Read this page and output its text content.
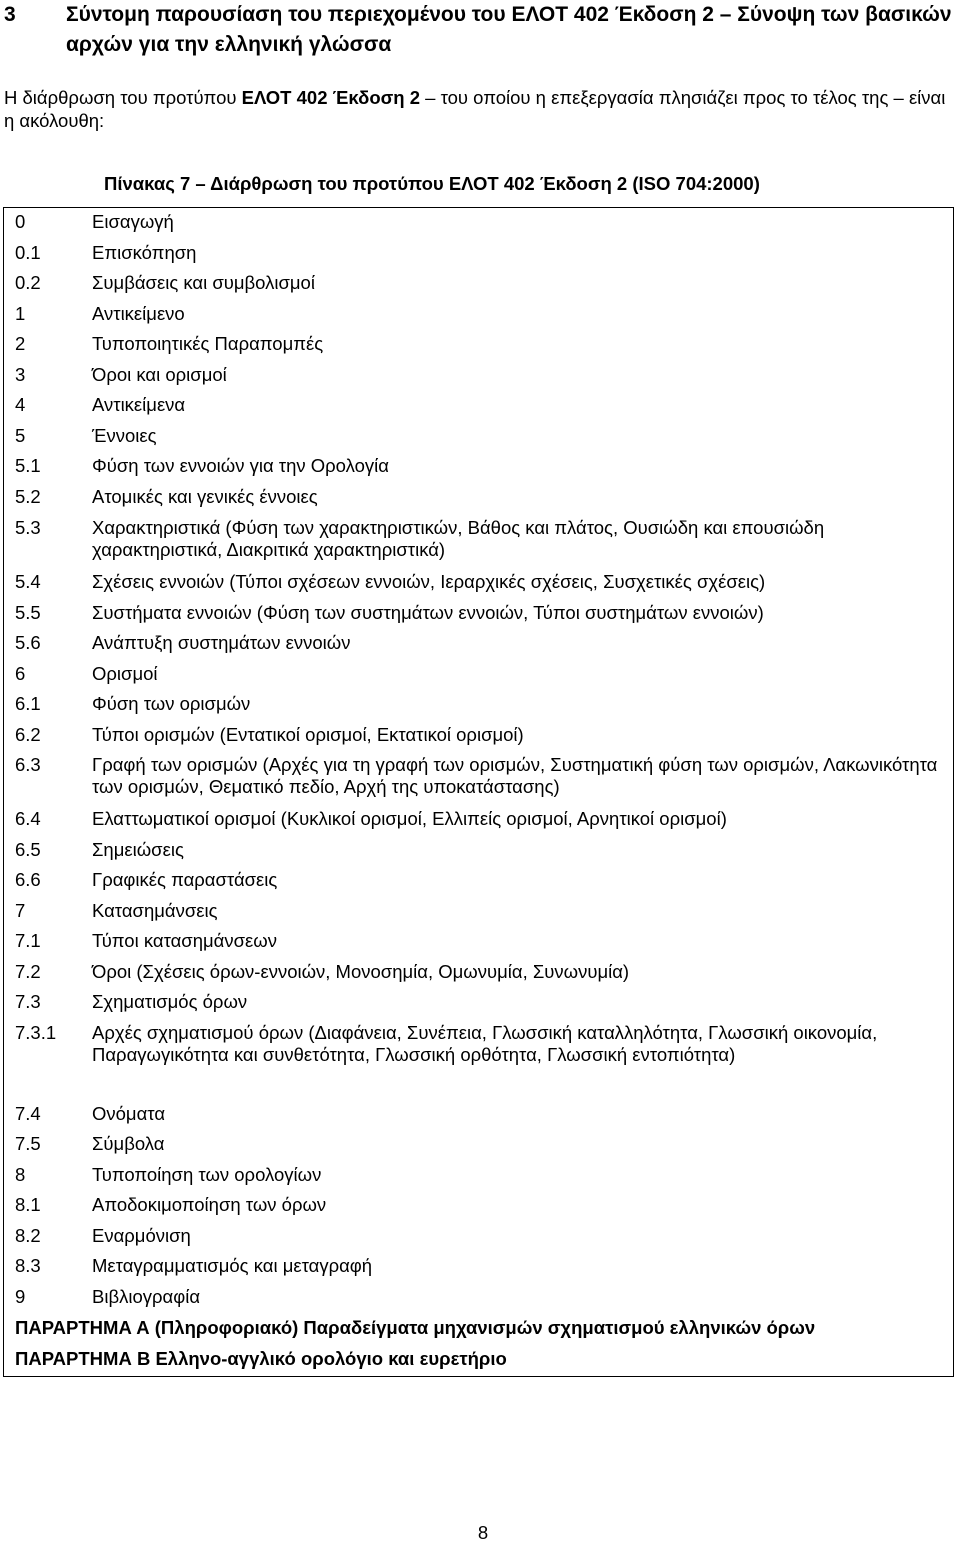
3	Σύντομη παρουσίαση του περιεχομένου του ΕΛΟΤ 402 Έκδοση 2 – Σύνοψη των βασικών αρχών για την ελληνική γλώσσα
Η διάρθρωση του προτύπου ΕΛΟΤ 402 Έκδοση 2 – του οποίου η επεξεργασία πλησιάζει προς το τέλος της – είναι η ακόλουθη:
Πίνακας 7 – Διάρθρωση του προτύπου ΕΛΟΤ 402 Έκδοση 2 (ISO 704:2000)
0	Εισαγωγή
0.1	Επισκόπηση
0.2	Συμβάσεις και συμβολισμοί
1	Αντικείμενο
2	Τυποποιητικές Παραπομπές
3	Όροι και ορισμοί
4	Αντικείμενα
5	Έννοιες
5.1	Φύση των εννοιών για την Ορολογία
5.2	Ατομικές και γενικές έννοιες
5.3	Χαρακτηριστικά (Φύση των χαρακτηριστικών, Βάθος και πλάτος, Ουσιώδη και επουσιώδη χαρακτηριστικά, Διακριτικά χαρακτηριστικά)
5.4	Σχέσεις εννοιών (Τύποι σχέσεων εννοιών, Ιεραρχικές σχέσεις, Συσχετικές σχέσεις)
5.5	Συστήματα εννοιών (Φύση των συστημάτων εννοιών, Τύποι συστημάτων εννοιών)
5.6	Ανάπτυξη συστημάτων εννοιών
6	Ορισμοί
6.1	Φύση των ορισμών
6.2	Τύποι ορισμών (Εντατικοί ορισμοί, Εκτατικοί ορισμοί)
6.3	Γραφή των ορισμών (Αρχές για τη γραφή των ορισμών, Συστηματική φύση των ορισμών, Λακωνικότητα των ορισμών, Θεματικό πεδίο, Αρχή της υποκατάστασης)
6.4	Ελαττωματικοί ορισμοί (Κυκλικοί ορισμοί, Ελλιπείς ορισμοί, Αρνητικοί ορισμοί)
6.5	Σημειώσεις
6.6	Γραφικές παραστάσεις
7	Κατασημάνσεις
7.1	Τύποι κατασημάνσεων
7.2	Όροι (Σχέσεις όρων-εννοιών, Μονοσημία, Ομωνυμία, Συνωνυμία)
7.3	Σχηματισμός όρων
7.3.1	Αρχές σχηματισμού όρων (Διαφάνεια, Συνέπεια, Γλωσσική καταλληλότητα, Γλωσσική οικονομία, Παραγωγικότητα και συνθετότητα, Γλωσσική ορθότητα, Γλωσσική εντοπιότητα)
7.4	Ονόματα
7.5	Σύμβολα
8	Τυποποίηση των ορολογίων
8.1	Αποδοκιμοποίηση των όρων
8.2	Εναρμόνιση
8.3	Μεταγραμματισμός και μεταγραφή
9	Βιβλιογραφία
ΠΑΡΑΡΤΗΜΑ Α (Πληροφοριακό) Παραδείγματα μηχανισμών σχηματισμού ελληνικών όρων
ΠΑΡΑΡΤΗΜΑ Β Ελληνο-αγγλικό ορολόγιο και ευρετήριο
8
